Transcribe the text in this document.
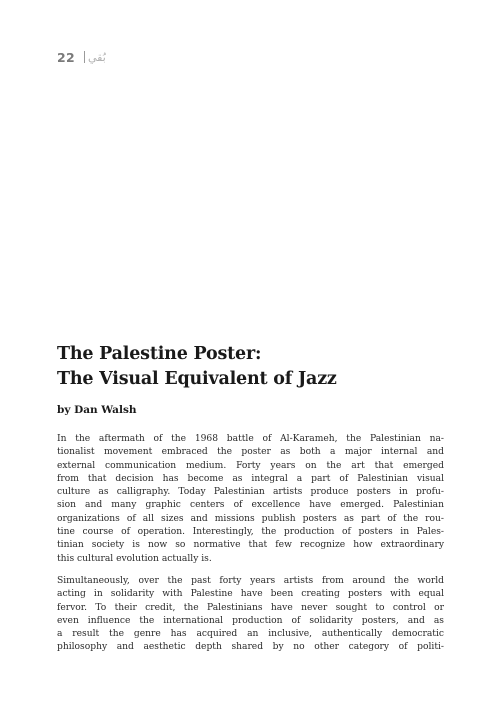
22 بُقي
The Palestine Poster:
The Visual Equivalent of Jazz

by Dan Walsh

In the aftermath of the 1968 battle of Al-Karameh, the Palestinian na-
tionalist movement embraced the poster as both a major internal and
external communication medium. Forty years on the art that emerged
from that decision has become as integral a part of Palestinian visual
culture as calligraphy. Today Palestinian artists produce posters in profu-
sion and many graphic centers of excellence have emerged. Palestinian
organizations of all sizes and missions publish posters as part of the rou-
tine course of operation. Interestingly, the production of posters in Pales-
tinian society is now so normative that few recognize how extraordinary
this cultural evolution actually is.
Simultaneously, over the past forty years artists from around the world
acting in solidarity with Palestine have been creating posters with equal
fervor. To their credit, the Palestinians have never sought to control or
even influence the international production of solidarity posters, and as
a result the genre has acquired an inclusive, authentically democratic
philosophy and aesthetic depth shared by no other category of politi-
